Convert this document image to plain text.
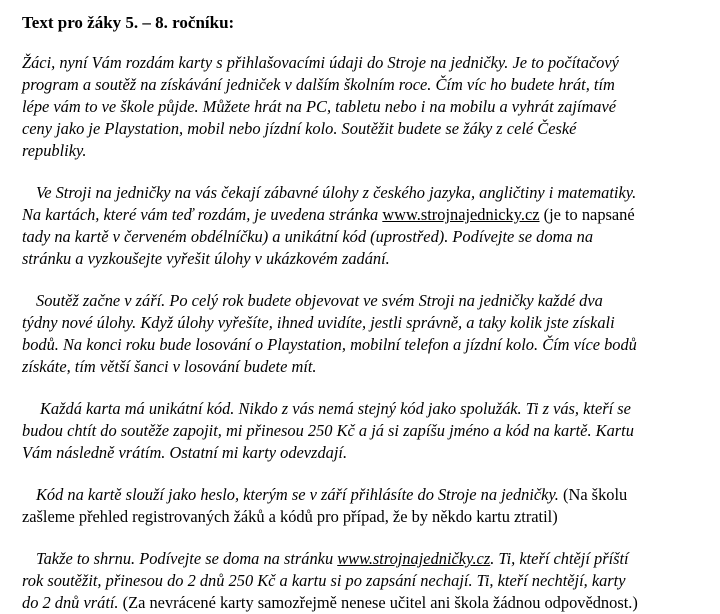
Text pro žáky 5. – 8. ročníku:
Žáci, nyní Vám rozdám karty s přihlašovacími údaji do Stroje na jedničky. Je to počítačový
program a soutěž na získávání jedniček v dalším školním roce. Čím víc ho budete hrát, tím
lépe vám to ve škole půjde. Můžete hrát na PC, tabletu nebo i na mobilu a vyhrát zajímavé
ceny jako je Playstation, mobil nebo jízdní kolo. Soutěžit budete se žáky z celé České
republiky.
Ve Stroji na jedničky na vás čekají zábavné úlohy z českého jazyka, angličtiny i matematiky.
Na kartách, které vám teď rozdám, je uvedena stránka www.strojnajednicky.cz (je to napsané
tady na kartě v červeném obdélníčku) a unikátní kód (uprostřed). Podívejte se doma na
stránku a vyzkoušejte vyřešit úlohy v ukázkovém zadání.
Soutěž začne v září. Po celý rok budete objevovat ve svém Stroji na jedničky každé dva
týdny nové úlohy. Když úlohy vyřešíte, ihned uvidíte, jestli správně, a taky kolik jste získali
bodů. Na konci roku bude losování o Playstation, mobilní telefon a jízdní kolo. Čím více bodů
získáte, tím větší šanci v losování budete mít.
Každá karta má unikátní kód. Nikdo z vás nemá stejný kód jako spolužák. Ti z vás, kteří se
budou chtít do soutěže zapojit, mi přinesou 250 Kč a já si zapíšu jméno a kód na kartě. Kartu
Vám následně vrátím. Ostatní mi karty odevzdají.
Kód na kartě slouží jako heslo, kterým se v září přihlásíte do Stroje na jedničky. (Na školu
zašleme přehled registrovaných žáků a kódů pro případ, že by někdo kartu ztratil)
Takže to shrnu. Podívejte se doma na stránku www.strojnajedničky.cz. Ti, kteří chtějí příští
rok soutěžit, přinesou do 2 dnů 250 Kč a kartu si po zapsání nechají. Ti, kteří nechtějí, karty
do 2 dnů vrátí. (Za nevrácené karty samozřejmě nenese učitel ani škola žádnou odpovědnost.)
